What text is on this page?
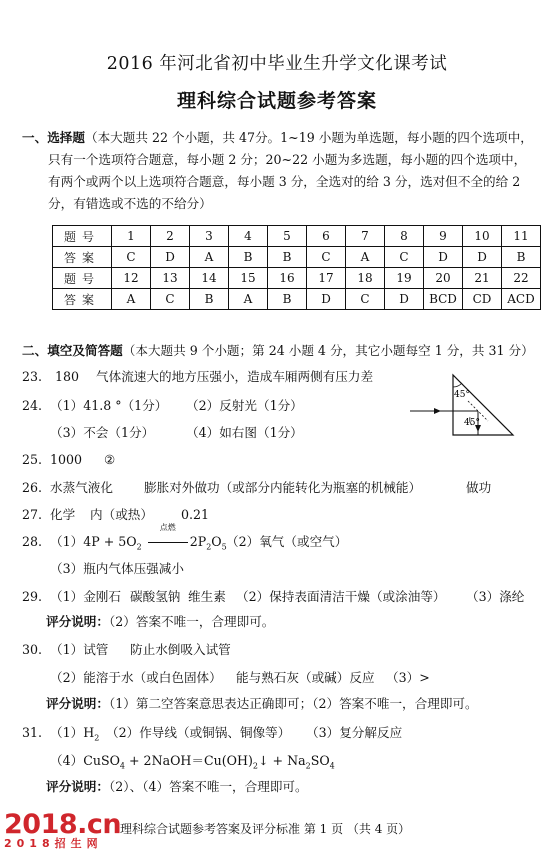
2016 年河北省初中毕业生升学文化课考试
理科综合试题参考答案
一、选择题（本大题共 22 个小题，共 47分。1~19 小题为单选题，每小题的四个选项中，
只有一个选项符合题意，每小题 2 分；20~22 小题为多选题，每小题的四个选项中，
有两个或两个以上选项符合题意，每小题 3 分，全选对的给 3 分，选对但不全的给 2
分，有错选或不选的不给分）
题号	1	2	3	4	5	6	7	8	9	10	11
答案	C	D	A	B	B	C	A	C	D	D	B
题号	12	13	14	15	16	17	18	19	20	21	22
答案	A	C	B	A	B	D	C	D	BCD	CD	ACD
二、填空及简答题（本大题共 9 个小题；第 24 小题 4 分，其它小题每空 1 分，共 31 分）
23. 180 气体流速大的地方压强小，造成车厢两侧有压力差
24. （1）41.8 °（1分） （2）反射光（1分）
（3）不会（1分）	（4）如右图（1分）
45°
45°
25. 1000 ②
26. 水蒸气液化 膨胀对外做功（或部分内能转化为瓶塞的机械能）	做功
27. 化学 内（或热） 0.21
28. $(1)4P + 5O_2$
点燃
$2P_2O_5$ （2）氧气（或空气）
（3）瓶内气体压强减小
29. （1）金刚石 碳酸氢钠 维生素 （2）保持表面清洁干燥（或涂油等） （3）涤纶
评分说明：（2）答案不唯一，合理即可。
30. （1）试管 防止水倒吸入试管
（2）能溶于水（或白色固体） 能与熟石灰（或碱）反应 （3）>
评分说明：（1）第二空答案意思表达正确即可；（2）答案不唯一，合理即可。
31. $(1)H_2$ （2）作导线（或铜锅、铜像等） （3）复分解反应
（4）CuSO$_4$ + $2NaOH=Cu(OH)_2↓ + Na_2SO_4$
评分说明：（2）、（4）答案不唯一，合理即可。
理科综合试题参考答案及评分标准 第 1 页 （共 4 页）
2018.cn
2018招生网
